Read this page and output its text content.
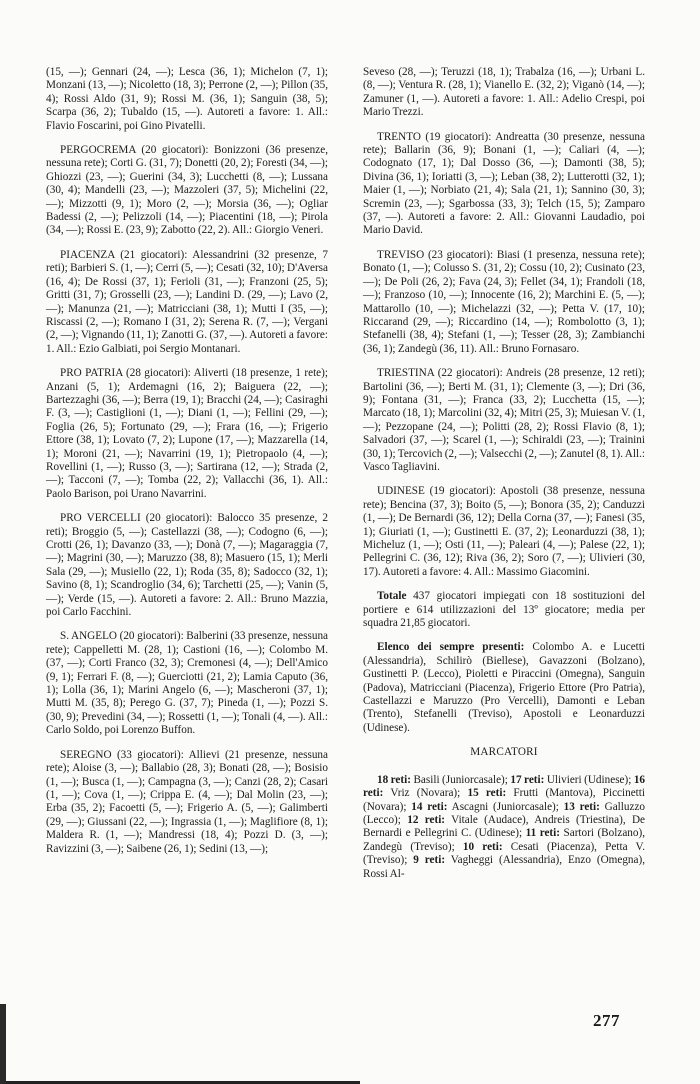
(15, —); Gennari (24, —); Lesca (36, 1); Michelon (7, 1); Monzani (13, —); Nicoletto (18, 3); Perrone (2, —); Pillon (35, 4); Rossi Aldo (31, 9); Rossi M. (36, 1); Sanguin (38, 5); Scarpa (36, 2); Tubaldo (15, —). Autoreti a favore: 1. All.: Flavio Foscarini, poi Gino Pivatelli.

PERGOCREMA (20 giocatori): Bonizzoni (36 presenze, nessuna rete); Corti G. (31, 7); Donetti (20, 2); Foresti (34, —); Ghiozzi (23, —); Guerini (34, 3); Lucchetti (8, —); Lussana (30, 4); Mandelli (23, —); Mazzoleri (37, 5); Michelini (22, —); Mizzotti (9, 1); Moro (2, —); Morsia (36, —); Ogliar Badessi (2, —); Pelizzoli (14, —); Piacentini (18, —); Pirola (34, —); Rossi E. (23, 9); Zabotto (22, 2). All.: Giorgio Veneri.

PIACENZA (21 giocatori): Alessandrini (32 presenze, 7 reti); Barbieri S. (1, —); Cerri (5, —); Cesati (32, 10); D'Aversa (16, 4); De Rossi (37, 1); Ferioli (31, —); Franzoni (25, 5); Gritti (31, 7); Grosselli (23, —); Landini D. (29, —); Lavo (2, —); Manunza (21, —); Matricciani (38, 1); Mutti I (35, —); Riscassi (2, —); Romano I (31, 2); Serena R. (7, —); Vergani (2, —); Vignando (11, 1); Zanotti G. (37, —). Autoreti a favore: 1. All.: Ezio Galbiati, poi Sergio Montanari.

PRO PATRIA (28 giocatori): Aliverti (18 presenze, 1 rete); Anzani (5, 1); Ardemagni (16, 2); Baiguera (22, —); Bartezzaghi (36, —); Berra (19, 1); Bracchi (24, —); Casiraghi F. (3, —); Castiglioni (1, —); Diani (1, —); Fellini (29, —); Foglia (26, 5); Fortunato (29, —); Frara (16, —); Frigerio Ettore (38, 1); Lovato (7, 2); Lupone (17, —); Mazzarella (14, 1); Moroni (21, —); Navarrini (19, 1); Pietropaolo (4, —); Rovellini (1, —); Russo (3, —); Sartirana (12, —); Strada (2, —); Tacconi (7, —); Tomba (22, 2); Vallacchi (36, 1). All.: Paolo Barison, poi Urano Navarrini.

PRO VERCELLI (20 giocatori): Balocco 35 presenze, 2 reti); Broggio (5, —); Castellazzi (38, —); Codogno (6, —); Crotti (26, 1); Davanzo (33, —); Donà (7, —); Magaraggia (7, —); Magrini (30, —); Maruzzo (38, 8); Masuero (15, 1); Merli Sala (29, —); Musiello (22, 1); Roda (35, 8); Sadocco (32, 1); Savino (8, 1); Scandroglio (34, 6); Tarchetti (25, —); Vanin (5, —); Verde (15, —). Autoreti a favore: 2. All.: Bruno Mazzia, poi Carlo Facchini.

S. ANGELO (20 giocatori): Balberini (33 presenze, nessuna rete); Cappelletti M. (28, 1); Castioni (16, —); Colombo M. (37, —); Corti Franco (32, 3); Cremonesi (4, —); Dell'Amico (9, 1); Ferrari F. (8, —); Guerciotti (21, 2); Lamia Caputo (36, 1); Lolla (36, 1); Marini Angelo (6, —); Mascheroni (37, 1); Mutti M. (35, 8); Perego G. (37, 7); Pineda (1, —); Pozzi S. (30, 9); Prevedini (34, —); Rossetti (1, —); Tonali (4, —). All.: Carlo Soldo, poi Lorenzo Buffon.

SEREGNO (33 giocatori): Allievi (21 presenze, nessuna rete); Aloise (3, —); Ballabio (28, 3); Bonati (28, —); Bosisio (1, —); Busca (1, —); Campagna (3, —); Canzi (28, 2); Casari (1, —); Cova (1, —); Crippa E. (4, —); Dal Molin (23, —); Erba (35, 2); Facoetti (5, —); Frigerio A. (5, —); Galimberti (29, —); Giussani (22, —); Ingrassia (1, —); Maglifiore (8, 1); Maldera R. (1, —); Mandressi (18, 4); Pozzi D. (3, —); Ravizzini (3, —); Saibene (26, 1); Sedini (13, —);

Seveso (28, —); Teruzzi (18, 1); Trabalza (16, —); Urbani L. (8, —); Ventura R. (28, 1); Vianello E. (32, 2); Viganò (14, —); Zamuner (1, —). Autoreti a favore: 1. All.: Adelio Crespi, poi Mario Trezzi.

TRENTO (19 giocatori): Andreatta (30 presenze, nessuna rete); Ballarin (36, 9); Bonani (1, —); Caliari (4, —); Codognato (17, 1); Dal Dosso (36, —); Damonti (38, 5); Divina (36, 1); Ioriatti (3, —); Leban (38, 2); Lutterotti (32, 1); Maier (1, —); Norbiato (21, 4); Sala (21, 1); Sannino (30, 3); Scremin (23, —); Sgarbossa (33, 3); Telch (15, 5); Zamparo (37, —). Autoreti a favore: 2. All.: Giovanni Laudadio, poi Mario David.

TREVISO (23 giocatori): Biasi (1 presenza, nessuna rete); Bonato (1, —); Colusso S. (31, 2); Cossu (10, 2); Cusinato (23, —); De Poli (26, 2); Fava (24, 3); Fellet (34, 1); Frandoli (18, —); Franzoso (10, —); Innocente (16, 2); Marchini E. (5, —); Mattarollo (10, —); Michelazzi (32, —); Petta V. (17, 10); Riccarand (29, —); Riccardino (14, —); Rombolotto (3, 1); Stefanelli (38, 4); Stefani (1, —); Tesser (28, 3); Zambianchi (36, 1); Zandegù (36, 11). All.: Bruno Fornasaro.

TRIESTINA (22 giocatori): Andreis (28 presenze, 12 reti); Bartolini (36, —); Berti M. (31, 1); Clemente (3, —); Dri (36, 9); Fontana (31, —); Franca (33, 2); Lucchetta (15, —); Marcato (18, 1); Marcolini (32, 4); Mitri (25, 3); Muiesan V. (1, —); Pezzopane (24, —); Politti (28, 2); Rossi Flavio (8, 1); Salvadori (37, —); Scarel (1, —); Schiraldi (23, —); Trainini (30, 1); Tercovich (2, —); Valsecchi (2, —); Zanutel (8, 1). All.: Vasco Tagliavini.

UDINESE (19 giocatori): Apostoli (38 presenze, nessuna rete); Bencina (37, 3); Boito (5, —); Bonora (35, 2); Canduzzi (1, —); De Bernardi (36, 12); Della Corna (37, —); Fanesi (35, 1); Giuriati (1, —); Gustinetti E. (37, 2); Leonarduzzi (38, 1); Micheluz (1, —); Osti (11, —); Paleari (4, —); Palese (22, 1); Pellegrini C. (36, 12); Riva (36, 2); Soro (7, —); Ulivieri (30, 17). Autoreti a favore: 4. All.: Massimo Giacomini.

Totale 437 giocatori impiegati con 18 sostituzioni del portiere e 614 utilizzazioni del 13º giocatore; media per squadra 21,85 giocatori.

Elenco dei sempre presenti: Colombo A. e Lucetti (Alessandria), Schilirò (Biellese), Gavazzoni (Bolzano), Gustinetti P. (Lecco), Pioletti e Piraccini (Omegna), Sanguin (Padova), Matricciani (Piacenza), Frigerio Ettore (Pro Patria), Castellazzi e Maruzzo (Pro Vercelli), Damonti e Leban (Trento), Stefanelli (Treviso), Apostoli e Leonarduzzi (Udinese).

MARCATORI

18 reti: Basili (Juniorcasale); 17 reti: Ulivieri (Udinese); 16 reti: Vriz (Novara); 15 reti: Frutti (Mantova), Piccinetti (Novara); 14 reti: Ascagni (Juniorcasale); 13 reti: Galluzzo (Lecco); 12 reti: Vitale (Audace), Andreis (Triestina), De Bernardi e Pellegrini C. (Udinese); 11 reti: Sartori (Bolzano), Zandegù (Treviso); 10 reti: Cesati (Piacenza), Petta V. (Treviso); 9 reti: Vagheggi (Alessandria), Enzo (Omegna), Rossi Al-

277
